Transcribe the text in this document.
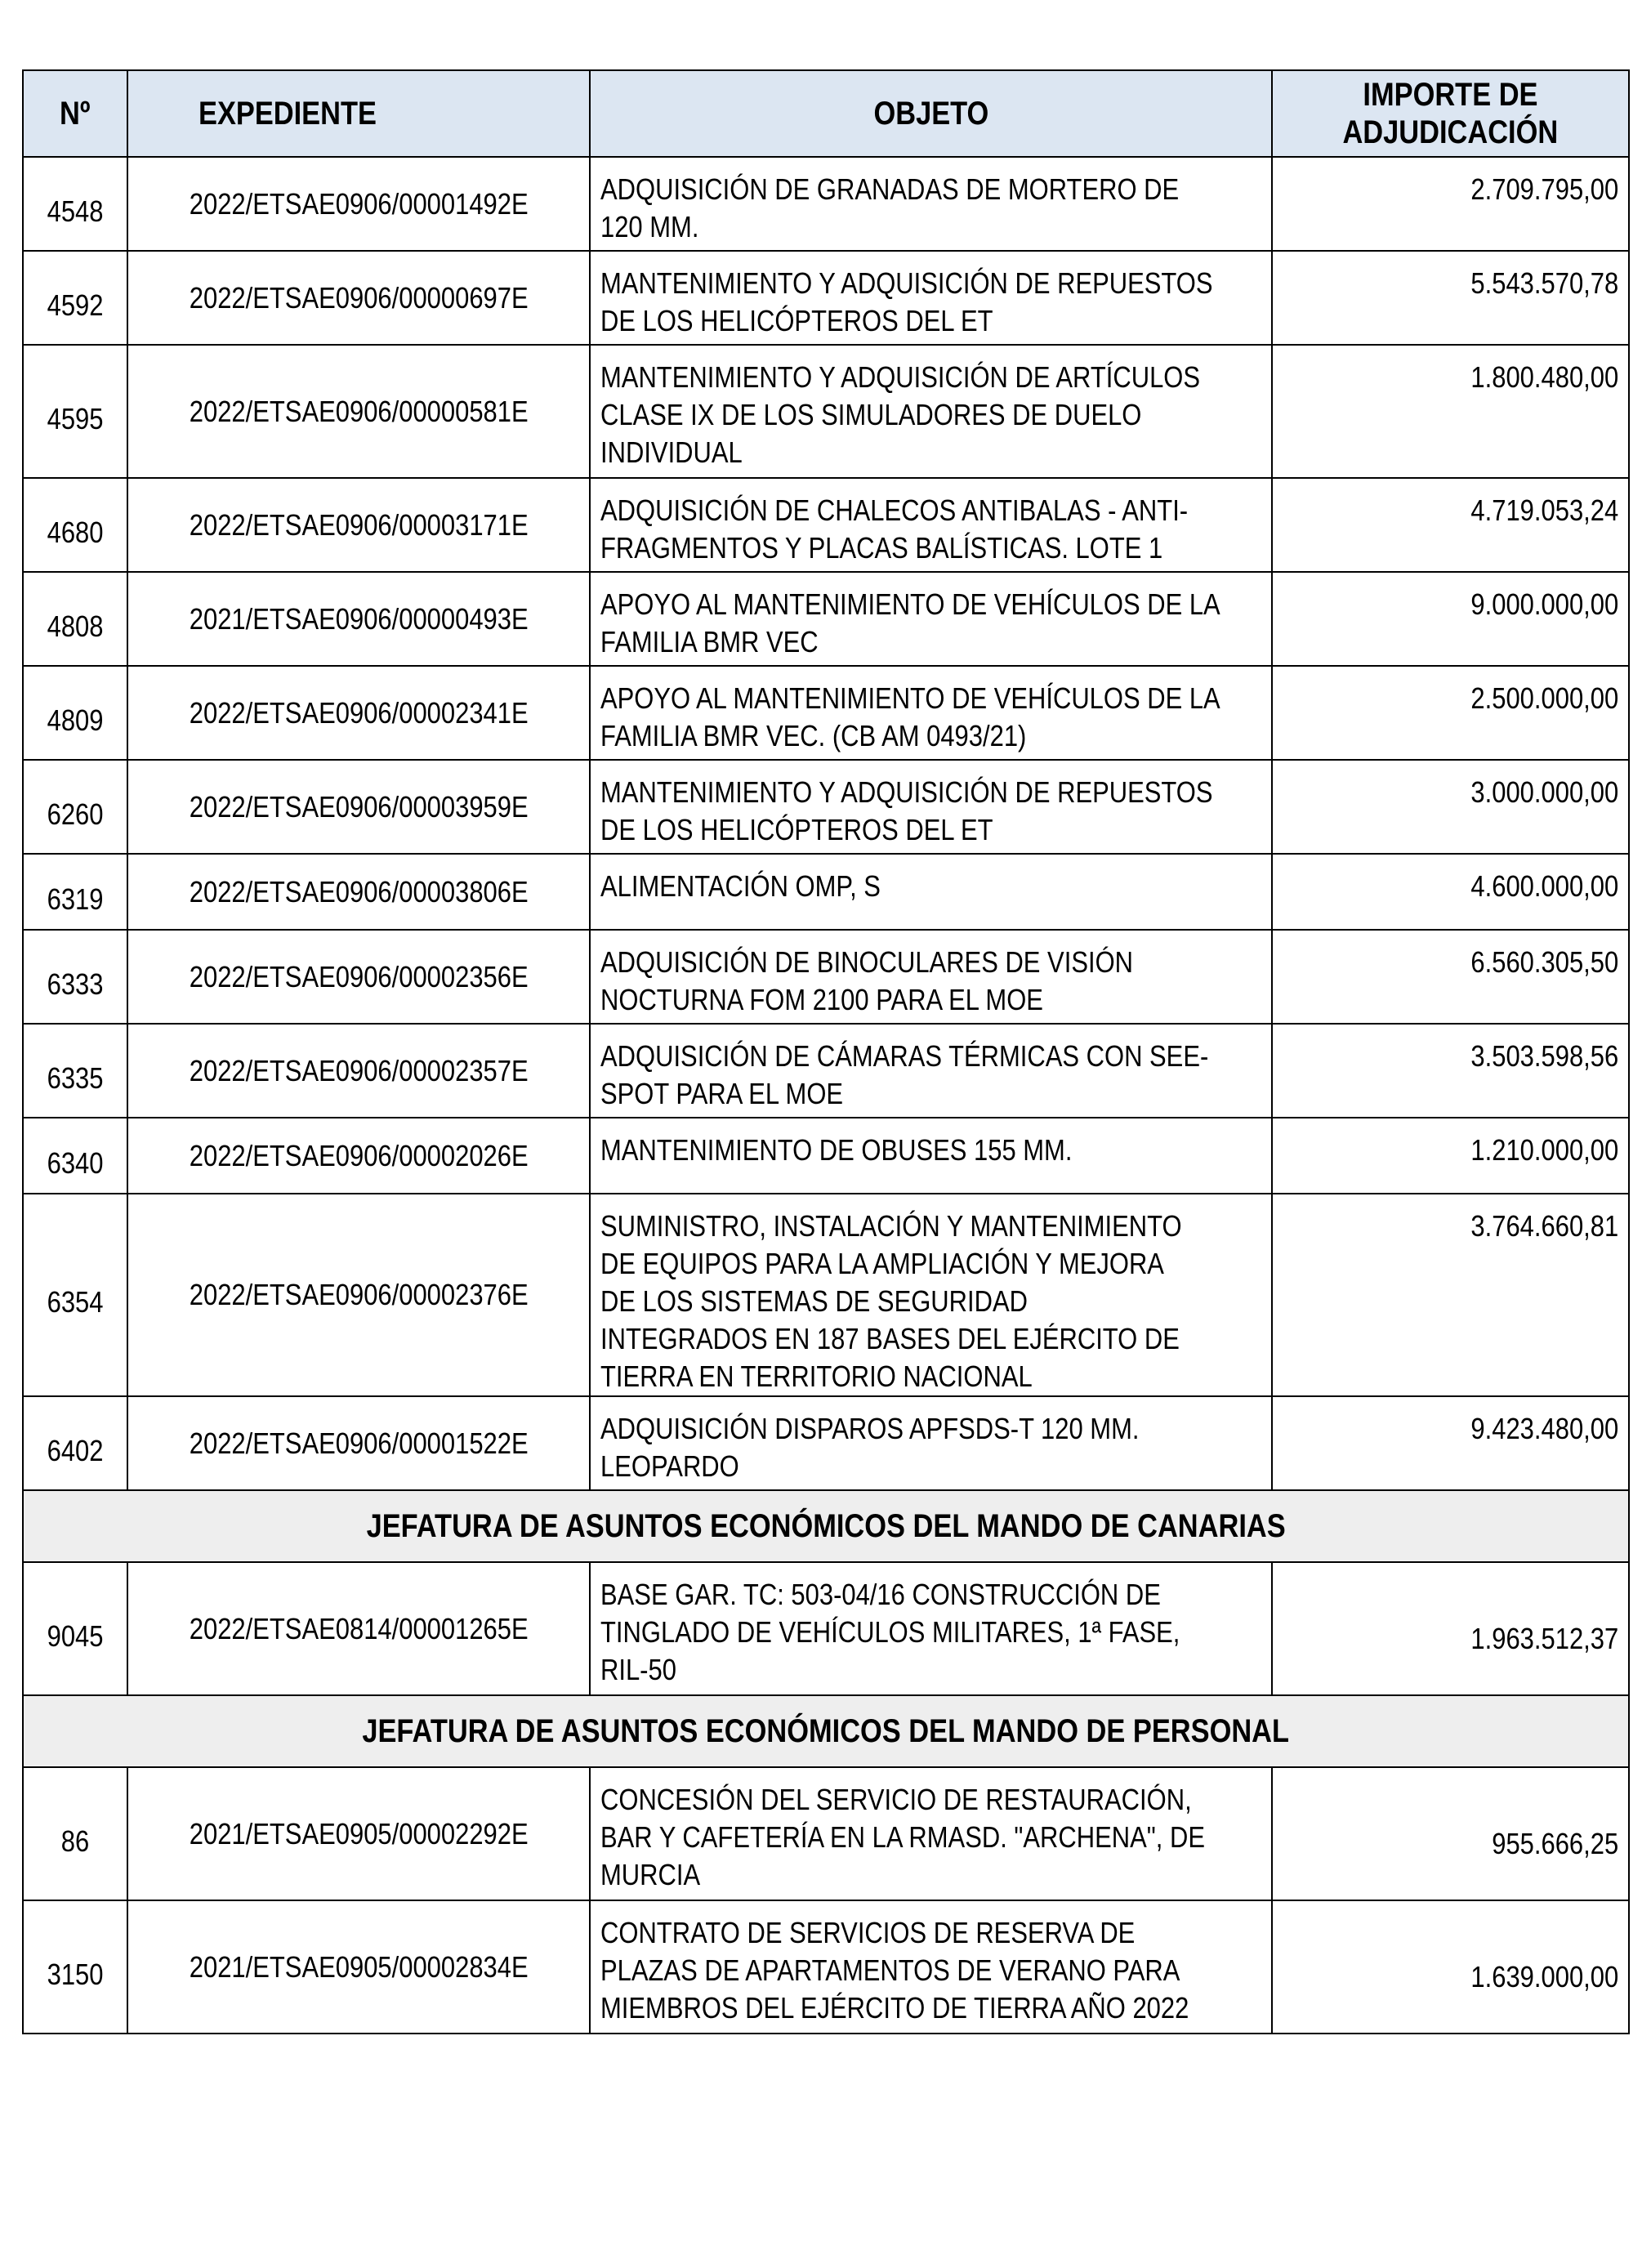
Nº	EXPEDIENTE	OBJETO	IMPORTE DE
ADJUDICACIÓN

4548	2022/ETSAE0906/00001492E	ADQUISICIÓN DE GRANADAS DE MORTERO DE
120 MM.	2.709.795,00
4592	2022/ETSAE0906/00000697E	MANTENIMIENTO Y ADQUISICIÓN DE REPUESTOS
DE LOS HELICÓPTEROS DEL ET	5.543.570,78
4595	2022/ETSAE0906/00000581E	MANTENIMIENTO Y ADQUISICIÓN DE ARTÍCULOS
CLASE IX DE LOS SIMULADORES DE DUELO
INDIVIDUAL	1.800.480,00
4680	2022/ETSAE0906/00003171E	ADQUISICIÓN DE CHALECOS ANTIBALAS - ANTI-
FRAGMENTOS Y PLACAS BALÍSTICAS. LOTE 1	4.719.053,24
4808	2021/ETSAE0906/00000493E	APOYO AL MANTENIMIENTO DE VEHÍCULOS DE LA
FAMILIA BMR VEC	9.000.000,00
4809	2022/ETSAE0906/00002341E	APOYO AL MANTENIMIENTO DE VEHÍCULOS DE LA
FAMILIA BMR VEC. (CB AM 0493/21)	2.500.000,00
6260	2022/ETSAE0906/00003959E	MANTENIMIENTO Y ADQUISICIÓN DE REPUESTOS
DE LOS HELICÓPTEROS DEL ET	3.000.000,00
6319	2022/ETSAE0906/00003806E	ALIMENTACIÓN OMP, S	4.600.000,00
6333	2022/ETSAE0906/00002356E	ADQUISICIÓN DE BINOCULARES DE VISIÓN
NOCTURNA FOM 2100 PARA EL MOE	6.560.305,50
6335	2022/ETSAE0906/00002357E	ADQUISICIÓN DE CÁMARAS TÉRMICAS CON SEE-
SPOT PARA EL MOE	3.503.598,56
6340	2022/ETSAE0906/00002026E	MANTENIMIENTO DE OBUSES 155 MM.	1.210.000,00
6354	2022/ETSAE0906/00002376E	SUMINISTRO, INSTALACIÓN Y MANTENIMIENTO
DE EQUIPOS PARA LA AMPLIACIÓN Y MEJORA
DE LOS SISTEMAS DE SEGURIDAD
INTEGRADOS EN 187 BASES DEL EJÉRCITO DE
TIERRA EN TERRITORIO NACIONAL	3.764.660,81
6402	2022/ETSAE0906/00001522E	ADQUISICIÓN DISPAROS APFSDS-T 120 MM.
LEOPARDO	9.423.480,00
JEFATURA DE ASUNTOS ECONÓMICOS DEL MANDO DE CANARIAS			
9045	2022/ETSAE0814/00001265E	BASE GAR. TC: 503-04/16 CONSTRUCCIÓN DE
TINGLADO DE VEHÍCULOS MILITARES, 1ª FASE,
RIL-50	1.963.512,37
JEFATURA DE ASUNTOS ECONÓMICOS DEL MANDO DE PERSONAL			
86	2021/ETSAE0905/00002292E	CONCESIÓN DEL SERVICIO DE RESTAURACIÓN,
BAR Y CAFETERÍA EN LA RMASD. "ARCHENA", DE
MURCIA	955.666,25
3150	2021/ETSAE0905/00002834E	CONTRATO DE SERVICIOS DE RESERVA DE
PLAZAS DE APARTAMENTOS DE VERANO PARA
MIEMBROS DEL EJÉRCITO DE TIERRA AÑO 2022	1.639.000,00
